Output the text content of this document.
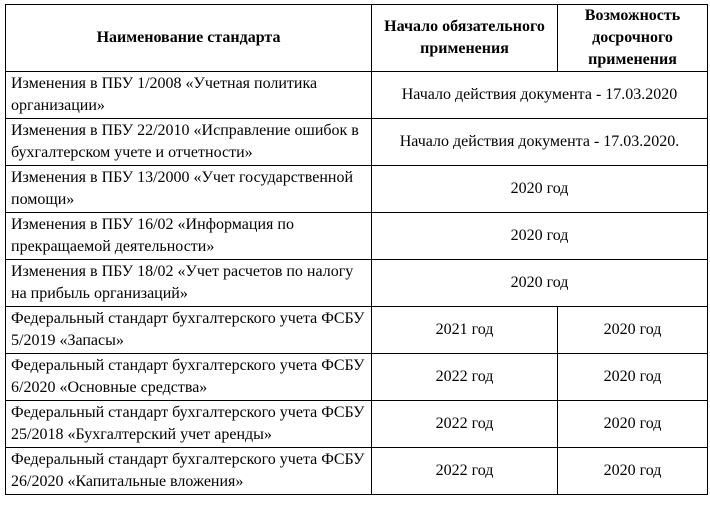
Наименование стандарта	Начало обязательного применения	Возможность досрочного применения
Изменения в ПБУ 1/2008 «Учетная политика организации»	Начало действия документа - 17.03.2020	
Изменения в ПБУ 22/2010 «Исправление ошибок в бухгалтерском учете и отчетности»	Начало действия документа - 17.03.2020.	
Изменения в ПБУ 13/2000 «Учет государственной помощи»	2020 год	
Изменения в ПБУ 16/02 «Информация по прекращаемой деятельности»	2020 год	
Изменения в ПБУ 18/02 «Учет расчетов по налогу на прибыль организаций»	2020 год	
Федеральный стандарт бухгалтерского учета ФСБУ 5/2019 «Запасы»	2021 год	2020 год
Федеральный стандарт бухгалтерского учета ФСБУ 6/2020 «Основные средства»	2022 год	2020 год
Федеральный стандарт бухгалтерского учета ФСБУ 25/2018 «Бухгалтерский учет аренды»	2022 год	2020 год
Федеральный стандарт бухгалтерского учета ФСБУ 26/2020 «Капитальные вложения»	2022 год	2020 год
